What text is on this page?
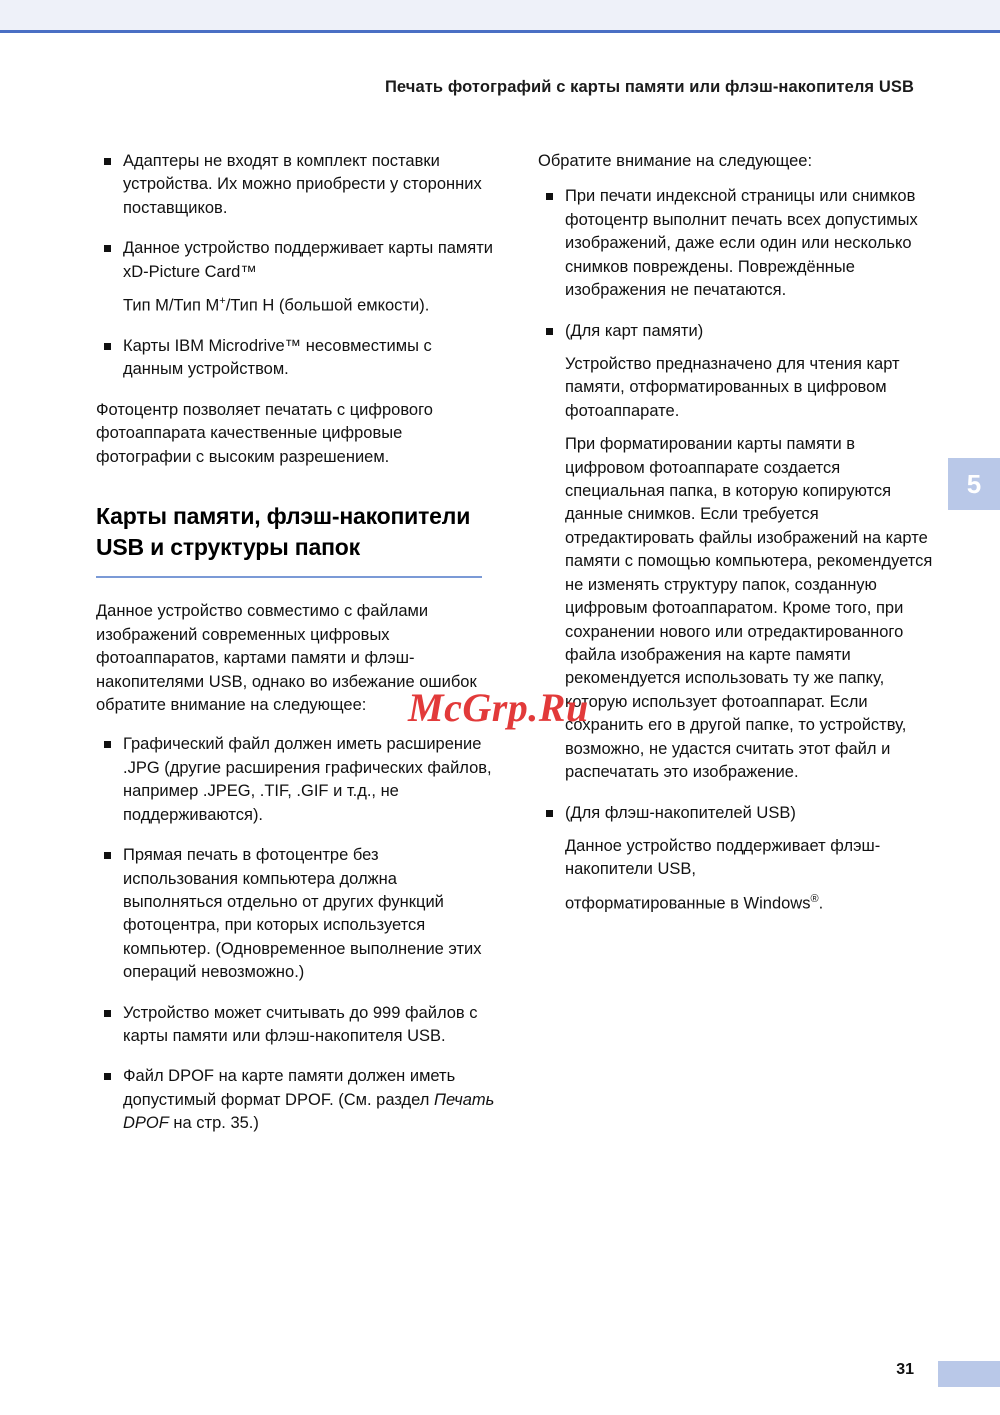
Печать фотографий с карты памяти или флэш-накопителя USB
5

Адаптеры не входят в комплект поставки устройства. Их можно приобрести у сторонних поставщиков.

Данное устройство поддерживает карты памяти xD-Picture Card™

Тип M/Тип M+/Тип H (большой емкости).

Карты IBM Microdrive™ несовместимы с данным устройством.

Фотоцентр позволяет печатать с цифрового фотоаппарата качественные цифровые фотографии с высоким разрешением.

Карты памяти, флэш-накопители USB и структуры папок

Данное устройство совместимо с файлами изображений современных цифровых фотоаппаратов, картами памяти и флэш-накопителями USB, однако во избежание ошибок обратите внимание на следующее:

Графический файл должен иметь расширение .JPG (другие расширения графических файлов, например .JPEG, .TIF, .GIF и т.д., не поддерживаются).

Прямая печать в фотоцентре без использования компьютера должна выполняться отдельно от других функций фотоцентра, при которых используется компьютер. (Одновременное выполнение этих операций невозможно.)

Устройство может считывать до 999 файлов с карты памяти или флэш-накопителя USB.

Файл DPOF на карте памяти должен иметь допустимый формат DPOF. (См. раздел Печать DPOF на стр. 35.)

Обратите внимание на следующее:

При печати индексной страницы или снимков фотоцентр выполнит печать всех допустимых изображений, даже если один или несколько снимков повреждены. Повреждённые изображения не печатаются.

(Для карт памяти)

Устройство предназначено для чтения карт памяти, отформатированных в цифровом фотоаппарате.

При форматировании карты памяти в цифровом фотоаппарате создается специальная папка, в которую копируются данные снимков. Если требуется отредактировать файлы изображений на карте памяти с помощью компьютера, рекомендуется не изменять структуру папок, созданную цифровым фотоаппаратом. Кроме того, при сохранении нового или отредактированного файла изображения на карте памяти рекомендуется использовать ту же папку, которую использует фотоаппарат. Если сохранить его в другой папке, то устройству, возможно, не удастся считать этот файл и распечатать это изображение.

(Для флэш-накопителей USB)

Данное устройство поддерживает флэш-накопители USB,

отформатированные в Windows®.

McGrp.Ru
31
